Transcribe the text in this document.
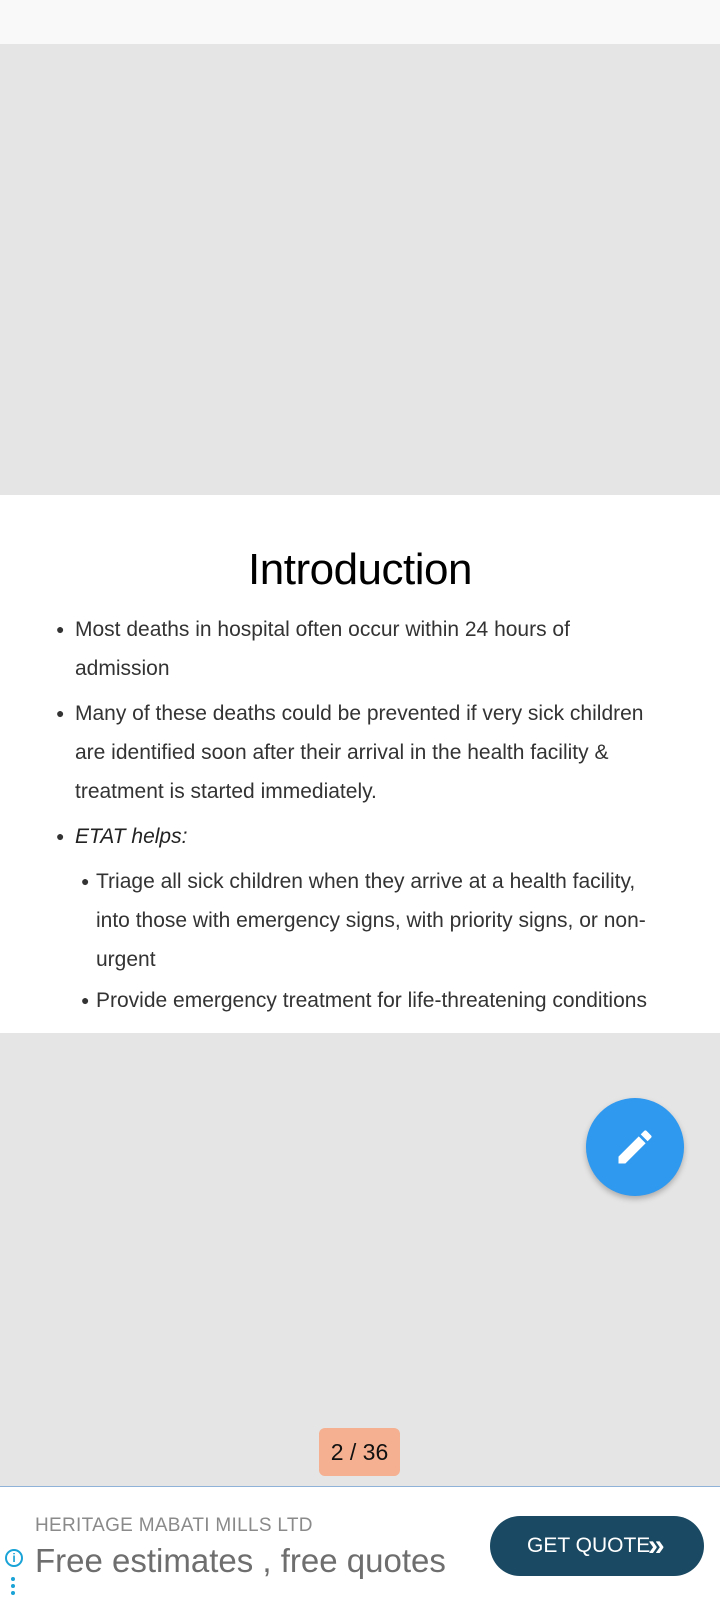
Introduction
● Most deaths in hospital often occur within 24 hours of admission
● Many of these deaths could be prevented if very sick children are identified soon after their arrival in the health facility & treatment is started immediately.
● ETAT helps:
● Triage all sick children when they arrive at a health facility, into those with emergency signs, with priority signs, or non-urgent
● Provide emergency treatment for life-threatening conditions
2 / 36
i
HERITAGE MABATI MILLS LTD
Free estimates , free quotes	GET QUOTE
»
